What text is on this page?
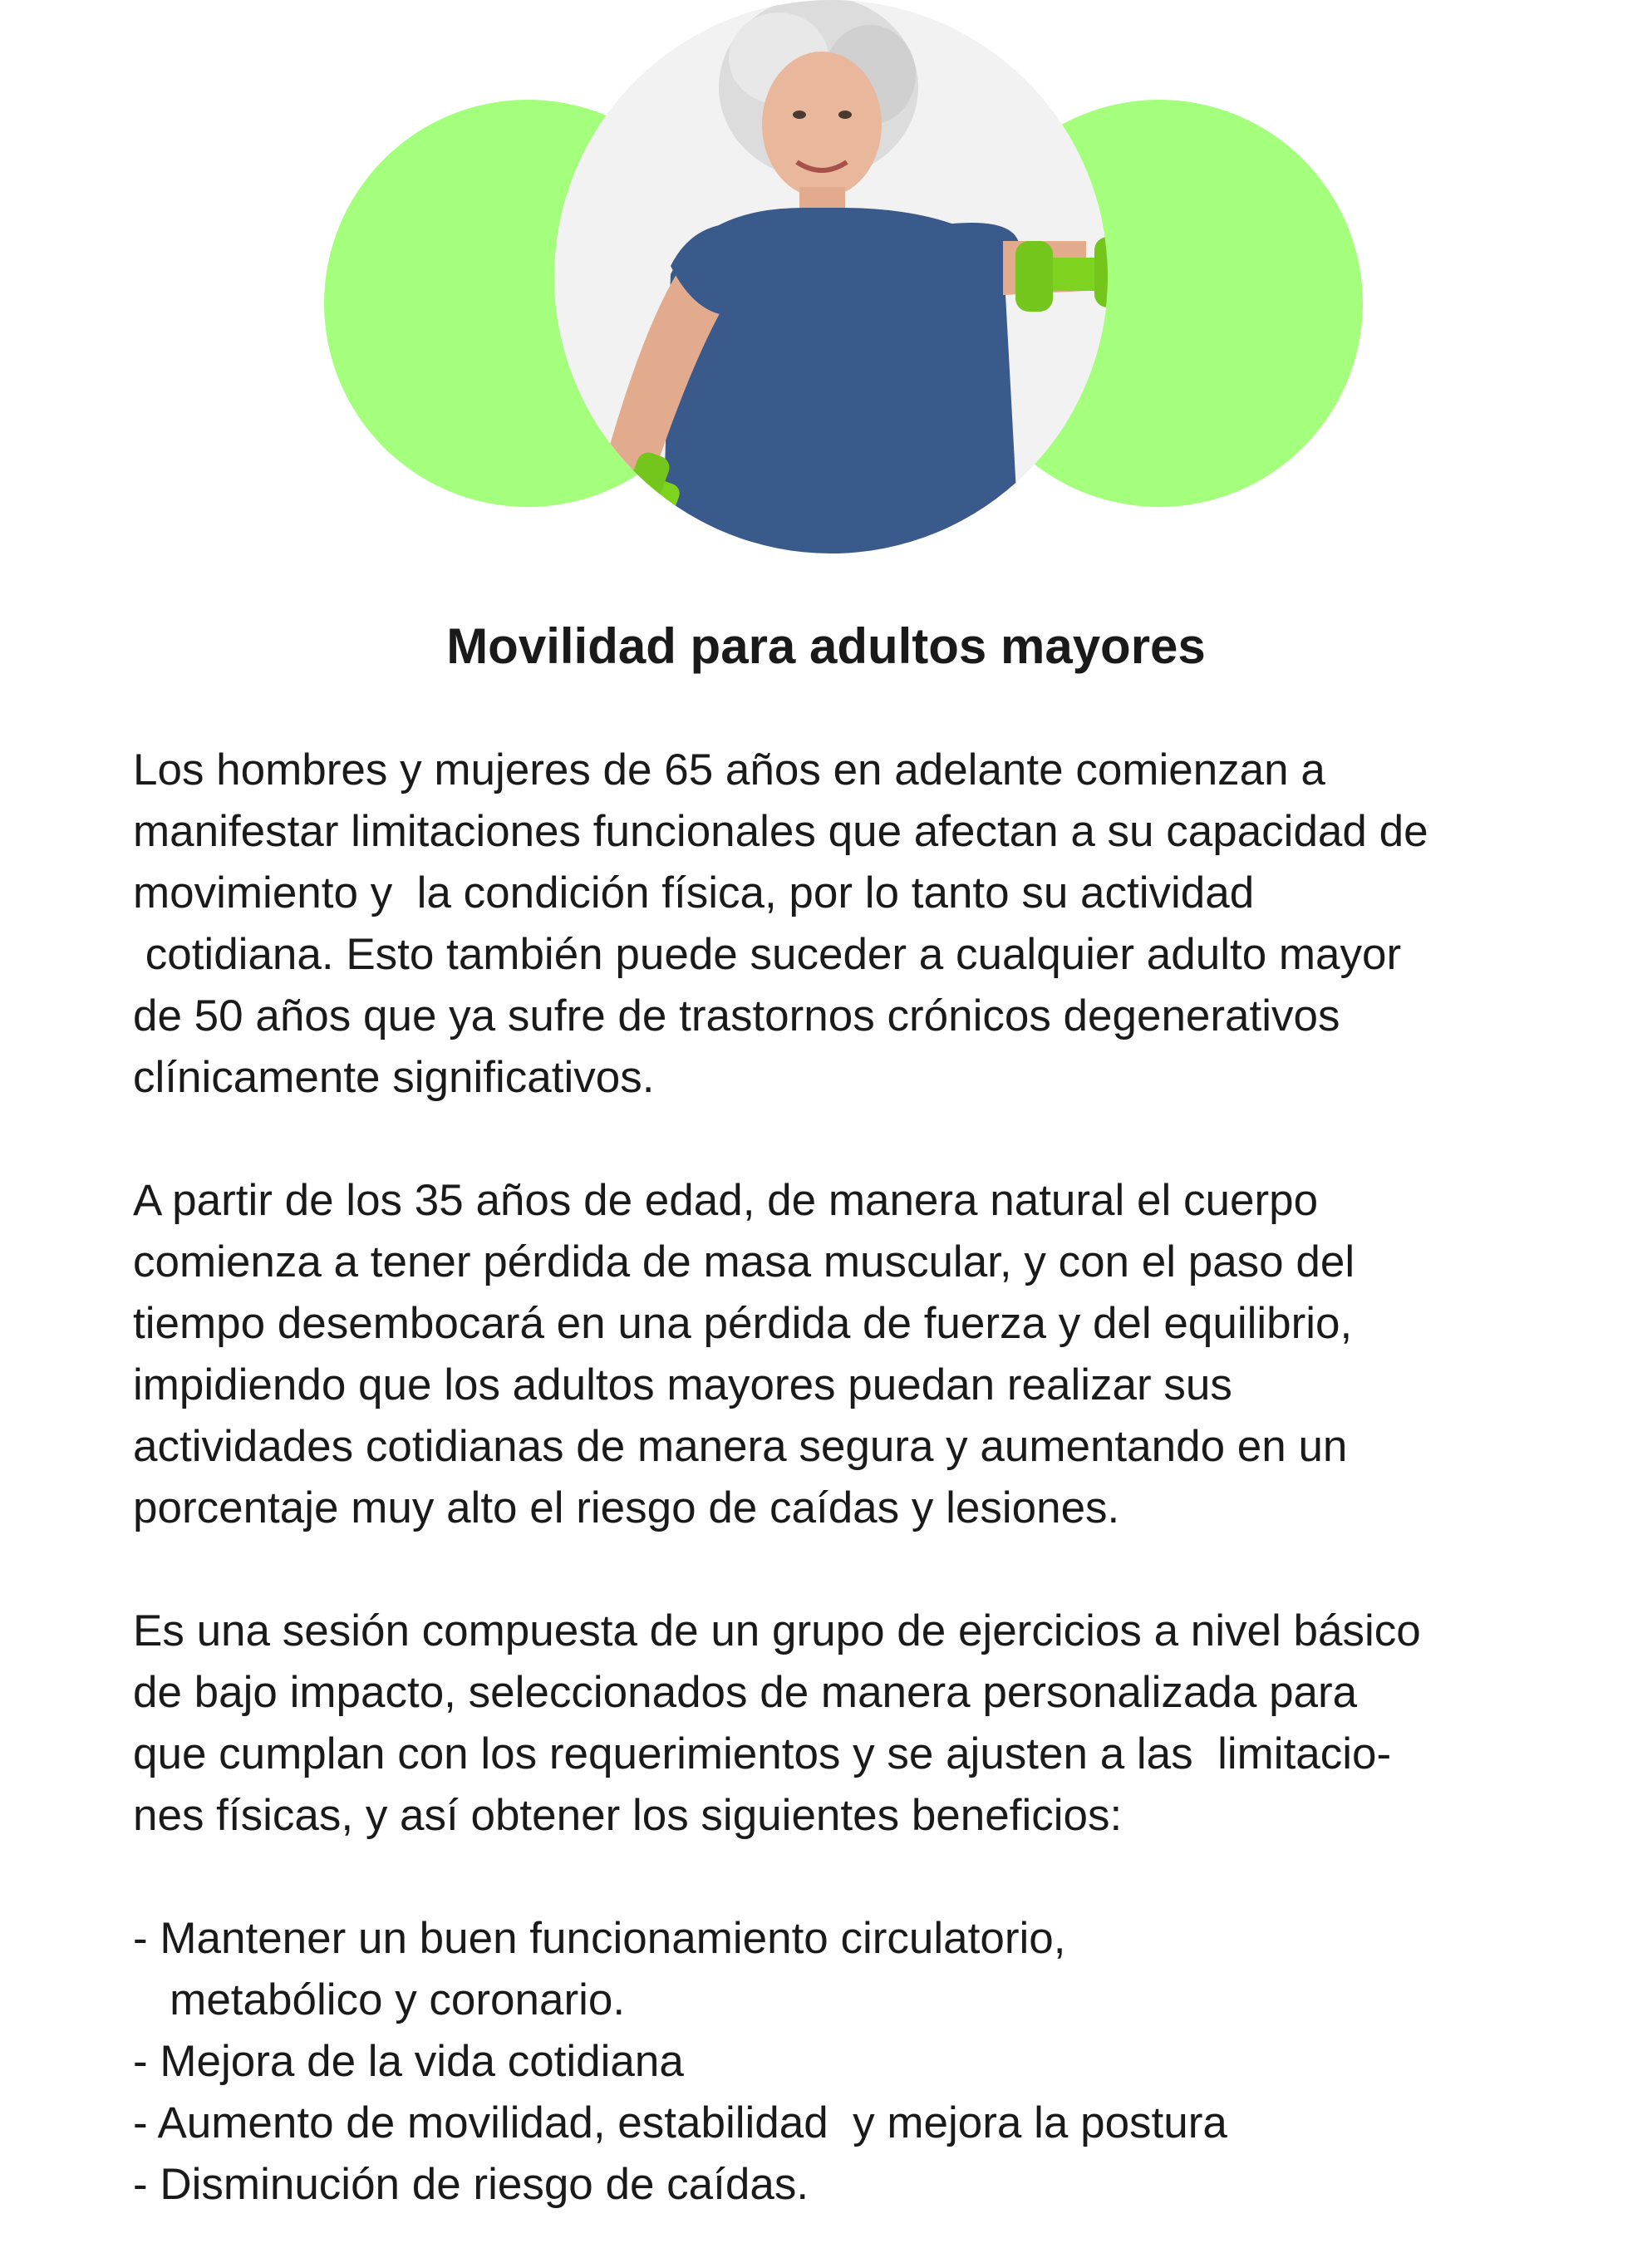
Movilidad para adultos mayores

Los hombres y mujeres de 65 años en adelante comienzan a
manifestar limitaciones funcionales que afectan a su capacidad de
movimiento y  la condición física, por lo tanto su actividad
cotidiana. Esto también puede suceder a cualquier adulto mayor
de 50 años que ya sufre de trastornos crónicos degenerativos
clínicamente significativos.

A partir de los 35 años de edad, de manera natural el cuerpo
comienza a tener pérdida de masa muscular, y con el paso del
tiempo desembocará en una pérdida de fuerza y del equilibrio,
impidiendo que los adultos mayores puedan realizar sus
actividades cotidianas de manera segura y aumentando en un
porcentaje muy alto el riesgo de caídas y lesiones.

Es una sesión compuesta de un grupo de ejercicios a nivel básico
de bajo impacto, seleccionados de manera personalizada para
que cumplan con los requerimientos y se ajusten a las  limitacio-
nes físicas, y así obtener los siguientes beneficios:

- Mantener un buen funcionamiento circulatorio,
metabólico y coronario.
- Mejora de la vida cotidiana
- Aumento de movilidad, estabilidad  y mejora la postura
- Disminución de riesgo de caídas.
